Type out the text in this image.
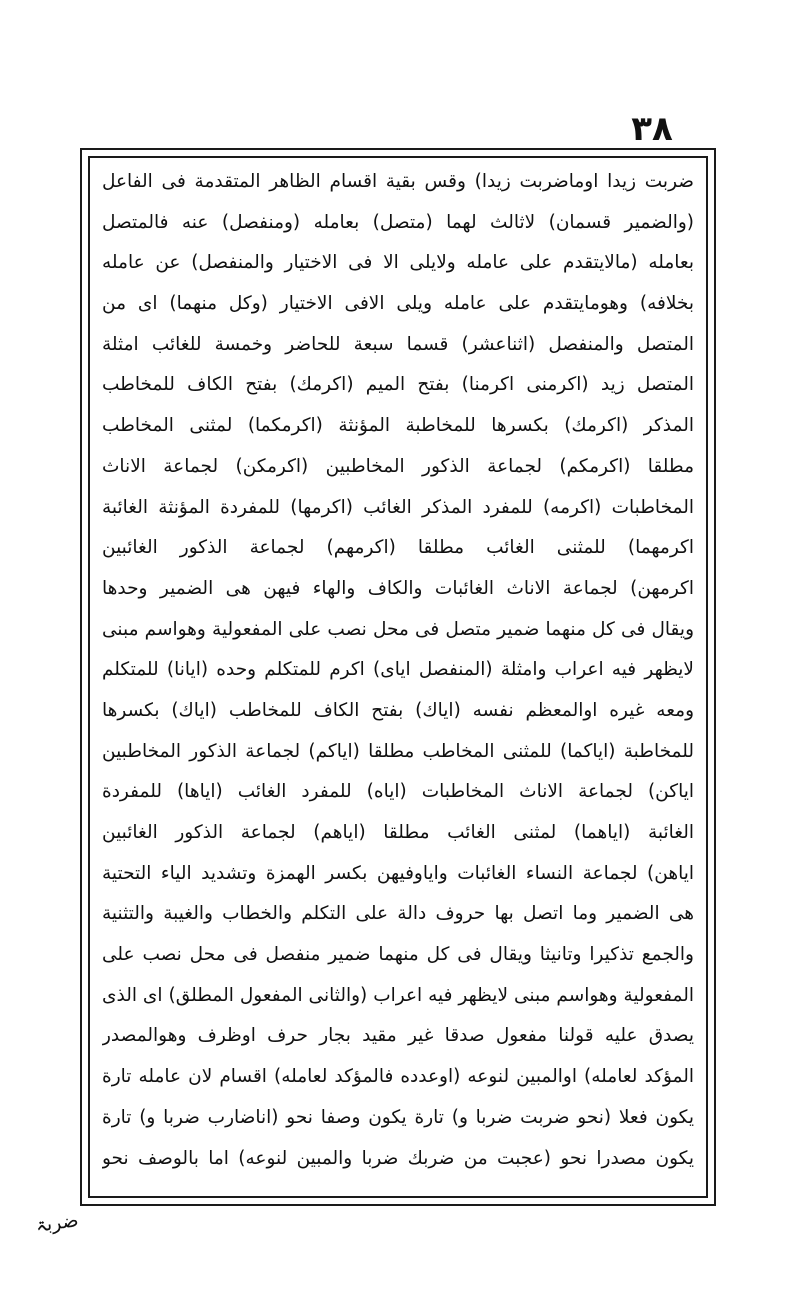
٣٨
ضربت زيدا اوماضربت زيدا) وقس بقية اقسام الظاهر المتقدمة فى الفاعل
(والضمير قسمان) لاثالث لهما (متصل) بعامله (ومنفصل) عنه فالمتصل
بعامله (مالايتقدم على عامله ولايلى الا فى الاختيار والمنفصل) عن عامله
بخلافه) وهومايتقدم على عامله ويلى الافى الاختيار (وكل منهما) اى من
المتصل والمنفصل (اثناعشر) قسما سبعة للحاضر وخمسة للغائب امثلة
المتصل زيد (اكرمنى اكرمنا) بفتح الميم (اكرمك) بفتح الكاف للمخاطب
المذكر (اكرمك) بكسرها للمخاطبة المؤنثة (اكرمكما) لمثنى المخاطب
مطلقا (اكرمكم) لجماعة الذكور المخاطبين (اكرمكن) لجماعة الاناث
المخاطبات (اكرمه) للمفرد المذكر الغائب (اكرمها) للمفردة المؤنثة الغائبة
اكرمهما) للمثنى الغائب مطلقا (اكرمهم) لجماعة الذكور الغائبين
اكرمهن) لجماعة الاناث الغائبات والكاف والهاء فيهن هى الضمير وحدها
ويقال فى كل منهما ضمير متصل فى محل نصب على المفعولية وهواسم مبنى
لايظهر فيه اعراب وامثلة (المنفصل اياى) اكرم للمتكلم وحده (ايانا) للمتكلم
ومعه غيره اوالمعظم نفسه (اياك) بفتح الكاف للمخاطب (اياك) بكسرها
للمخاطبة (اياكما) للمثنى المخاطب مطلقا (اياكم) لجماعة الذكور المخاطبين
اياكن) لجماعة الاناث المخاطبات (اياه) للمفرد الغائب (اياها) للمفردة
الغائبة (اياهما) لمثنى الغائب مطلقا (اياهم) لجماعة الذكور الغائبين
اياهن) لجماعة النساء الغائبات واياوفيهن بكسر الهمزة وتشديد الياء التحتية
هى الضمير وما اتصل بها حروف دالة على التكلم والخطاب والغيبة والتثنية
والجمع تذكيرا وتانيثا ويقال فى كل منهما ضمير منفصل فى محل نصب على
المفعولية وهواسم مبنى لايظهر فيه اعراب (والثانى المفعول المطلق) اى الذى
يصدق عليه قولنا مفعول صدقا غير مقيد بجار حرف اوظرف وهوالمصدر
المؤكد لعامله) اوالمبين لنوعه (اوعدده فالمؤكد لعامله) اقسام لان عامله تارة
يكون فعلا (نحو ضربت ضربا و) تارة يكون وصفا نحو (اناضارب ضربا و) تارة
يكون مصدرا نحو (عجبت من ضربك ضربا والمبين لنوعه) اما بالوصف نحو
ضربۃ
